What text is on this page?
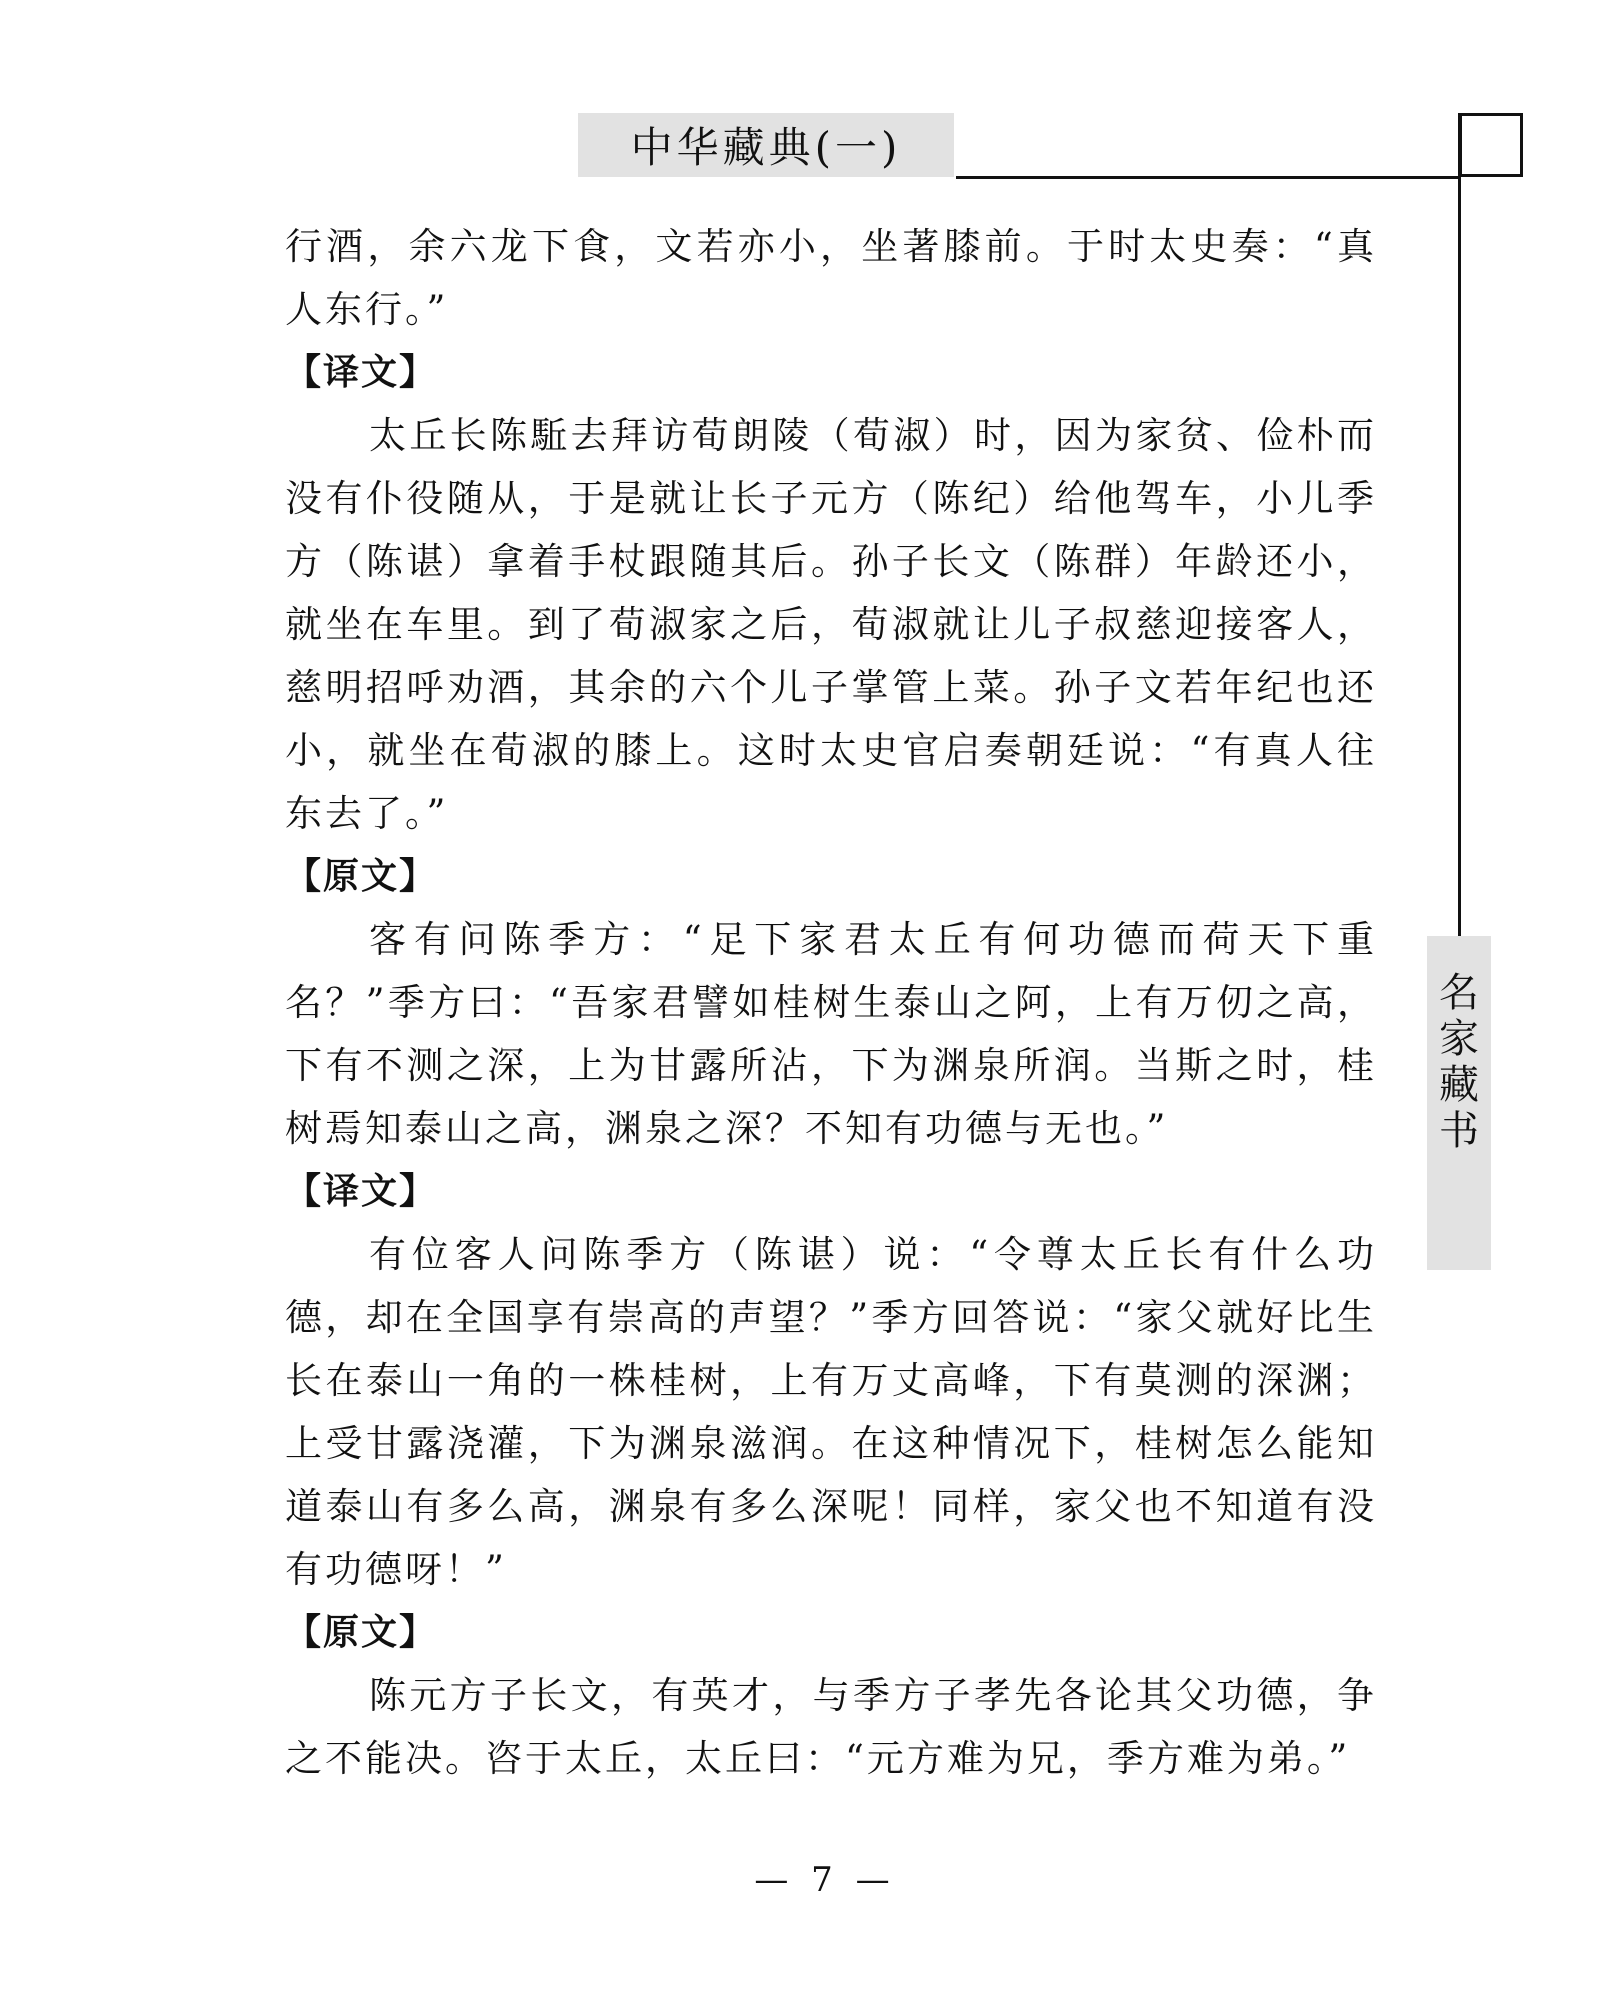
中华藏典(一)
名
家
藏
书

行酒，余六龙下食，文若亦小，坐著膝前。于时太史奏：“真人东行。”

【译文】

太丘长陈駈去拜访荀朗陵（荀淑）时，因为家贫、俭朴而没有仆役随从，于是就让长子元方（陈纪）给他驾车，小儿季方（陈谌）拿着手杖跟随其后。孙子长文（陈群）年龄还小，就坐在车里。到了荀淑家之后，荀淑就让儿子叔慈迎接客人，慈明招呼劝酒，其余的六个儿子掌管上菜。孙子文若年纪也还小，就坐在荀淑的膝上。这时太史官启奏朝廷说：“有真人往东去了。”

【原文】

客有问陈季方：“足下家君太丘有何功德而荷天下重名？”季方曰：“吾家君譬如桂树生泰山之阿，上有万仞之高，下有不测之深，上为甘露所沾，下为渊泉所润。当斯之时，桂树焉知泰山之高，渊泉之深？不知有功德与无也。”

【译文】

有位客人问陈季方（陈谌）说：“令尊太丘长有什么功德，却在全国享有崇高的声望？”季方回答说：“家父就好比生长在泰山一角的一株桂树，上有万丈高峰，下有莫测的深渊；上受甘露浇灌，下为渊泉滋润。在这种情况下，桂树怎么能知道泰山有多么高，渊泉有多么深呢！同样，家父也不知道有没有功德呀！”

【原文】

陈元方子长文，有英才，与季方子孝先各论其父功德，争之不能决。咨于太丘，太丘曰：“元方难为兄，季方难为弟。”

— 7 —
